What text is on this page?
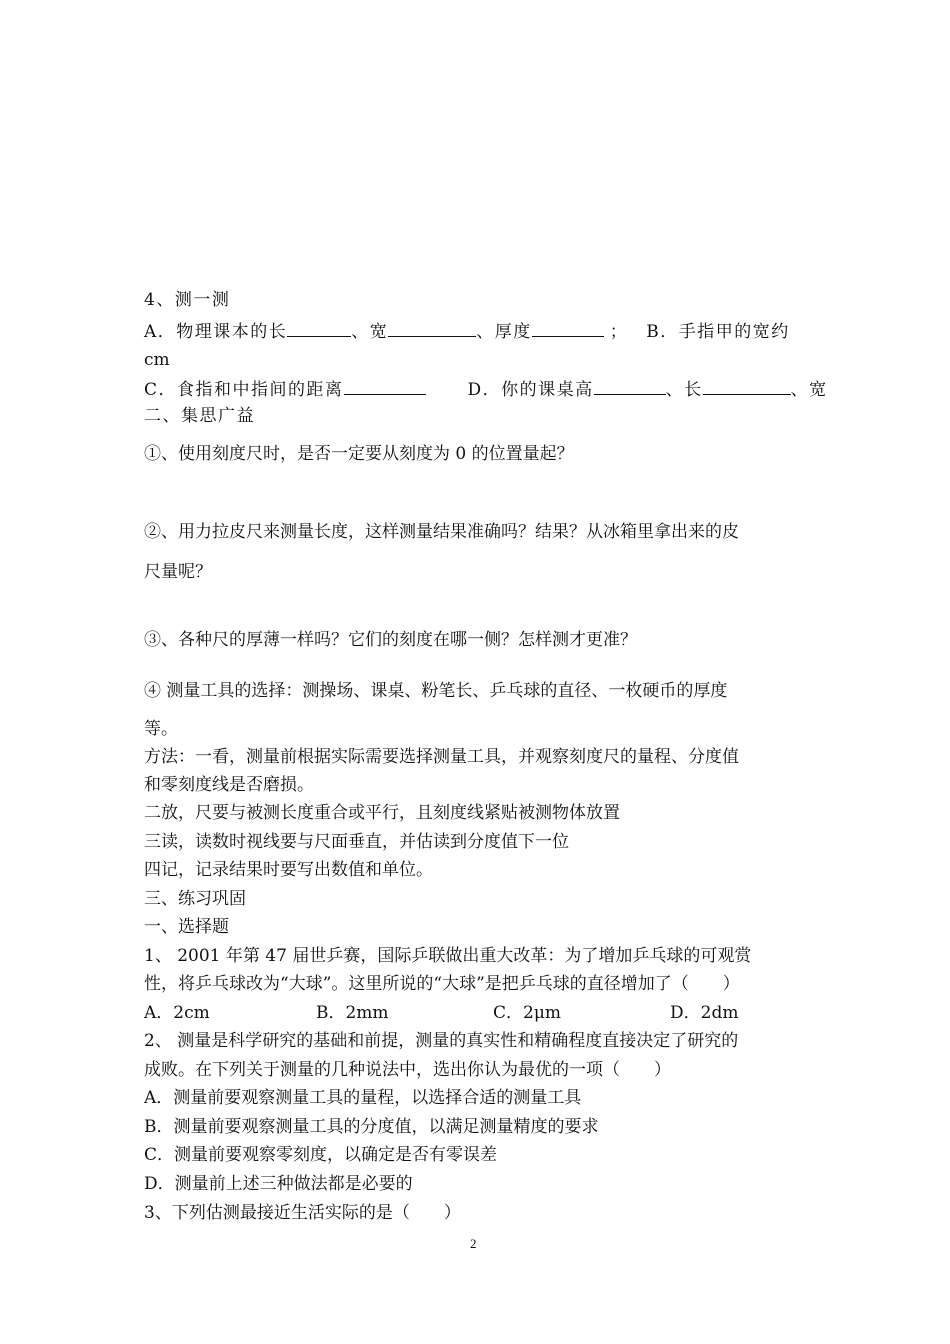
4、测一测
A．物理课本的长	、宽	、厚度	； B．手指甲的宽约
cm
C．食指和中指间的距离	D．你的课桌高	、长	、宽
二、集思广益
①、使用刻度尺时，是否一定要从刻度为 0 的位置量起？
②、用力拉皮尺来测量长度，这样测量结果准确吗？结果？从冰箱里拿出来的皮
尺量呢？
③、各种尺的厚薄一样吗？它们的刻度在哪一侧？怎样测才更准？
④ 测量工具的选择：测操场、课桌、粉笔长、乒乓球的直径、一枚硬币的厚度
等。
方法：一看，测量前根据实际需要选择测量工具，并观察刻度尺的量程、分度值
和零刻度线是否磨损。
二放，尺要与被测长度重合或平行，且刻度线紧贴被测物体放置
三读，读数时视线要与尺面垂直，并估读到分度值下一位
四记，记录结果时要写出数值和单位。
三、练习巩固
一、选择题
1、 2001 年第 47 届世乒赛，国际乒联做出重大改革：为了增加乒乓球的可观赏
性，将乒乓球改为“大球”。这里所说的“大球”是把乒乓球的直径增加了（　　）
A．2cm	B．2mm	C．2μm	D．2dm
2、 测量是科学研究的基础和前提，测量的真实性和精确程度直接决定了研究的
成败。在下列关于测量的几种说法中，选出你认为最优的一项（　　）
A．测量前要观察测量工具的量程，以选择合适的测量工具
B．测量前要观察测量工具的分度值，以满足测量精度的要求
C．测量前要观察零刻度，以确定是否有零误差
D．测量前上述三种做法都是必要的
3、下列估测最接近生活实际的是（　　）
2
